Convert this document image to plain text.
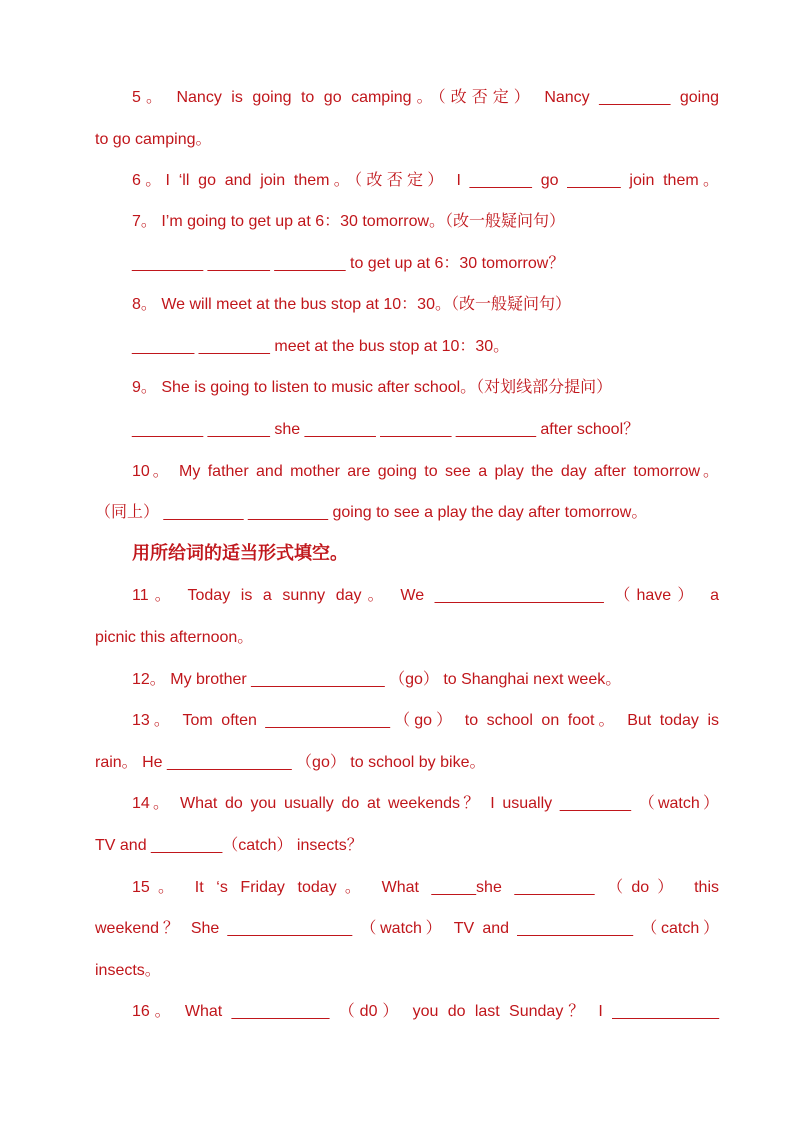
5。 Nancy is going to go camping。（改否定） Nancy ________ going
to go camping。
6。I ‘ll go and join them。（改否定） I _______ go ______ join them。
7。 I’m going to get up at 6：30 tomorrow。（改一般疑问句）
________ _______ ________ to get up at 6：30 tomorrow？
8。 We will meet at the bus stop at 10：30。（改一般疑问句）
_______ ________ meet at the bus stop at 10：30。
9。 She is going to listen to music after school。（对划线部分提问）
________ _______ she ________ ________ _________ after school？
10。 My father and mother are going to see a play the day after tomorrow。
（同上） _________ _________ going to see a play the day after tomorrow。
用所给词的适当形式填空。
11。 Today is a sunny day。 We ___________________ （have） a
picnic this afternoon。
12。 My brother _______________ （go） to Shanghai next week。
13。 Tom often ______________（go） to school on foot。 But today is
rain。 He ______________ （go） to school by bike。
14。 What do you usually do at weekends？ I usually ________ （watch）
TV and ________（catch） insects？
15。 It ‘s Friday today。 What _____she _________ （do） this
weekend？ She ______________ （watch） TV and _____________ （catch）
insects。
16。 What ___________ （d0） you do last Sunday？ I ____________
